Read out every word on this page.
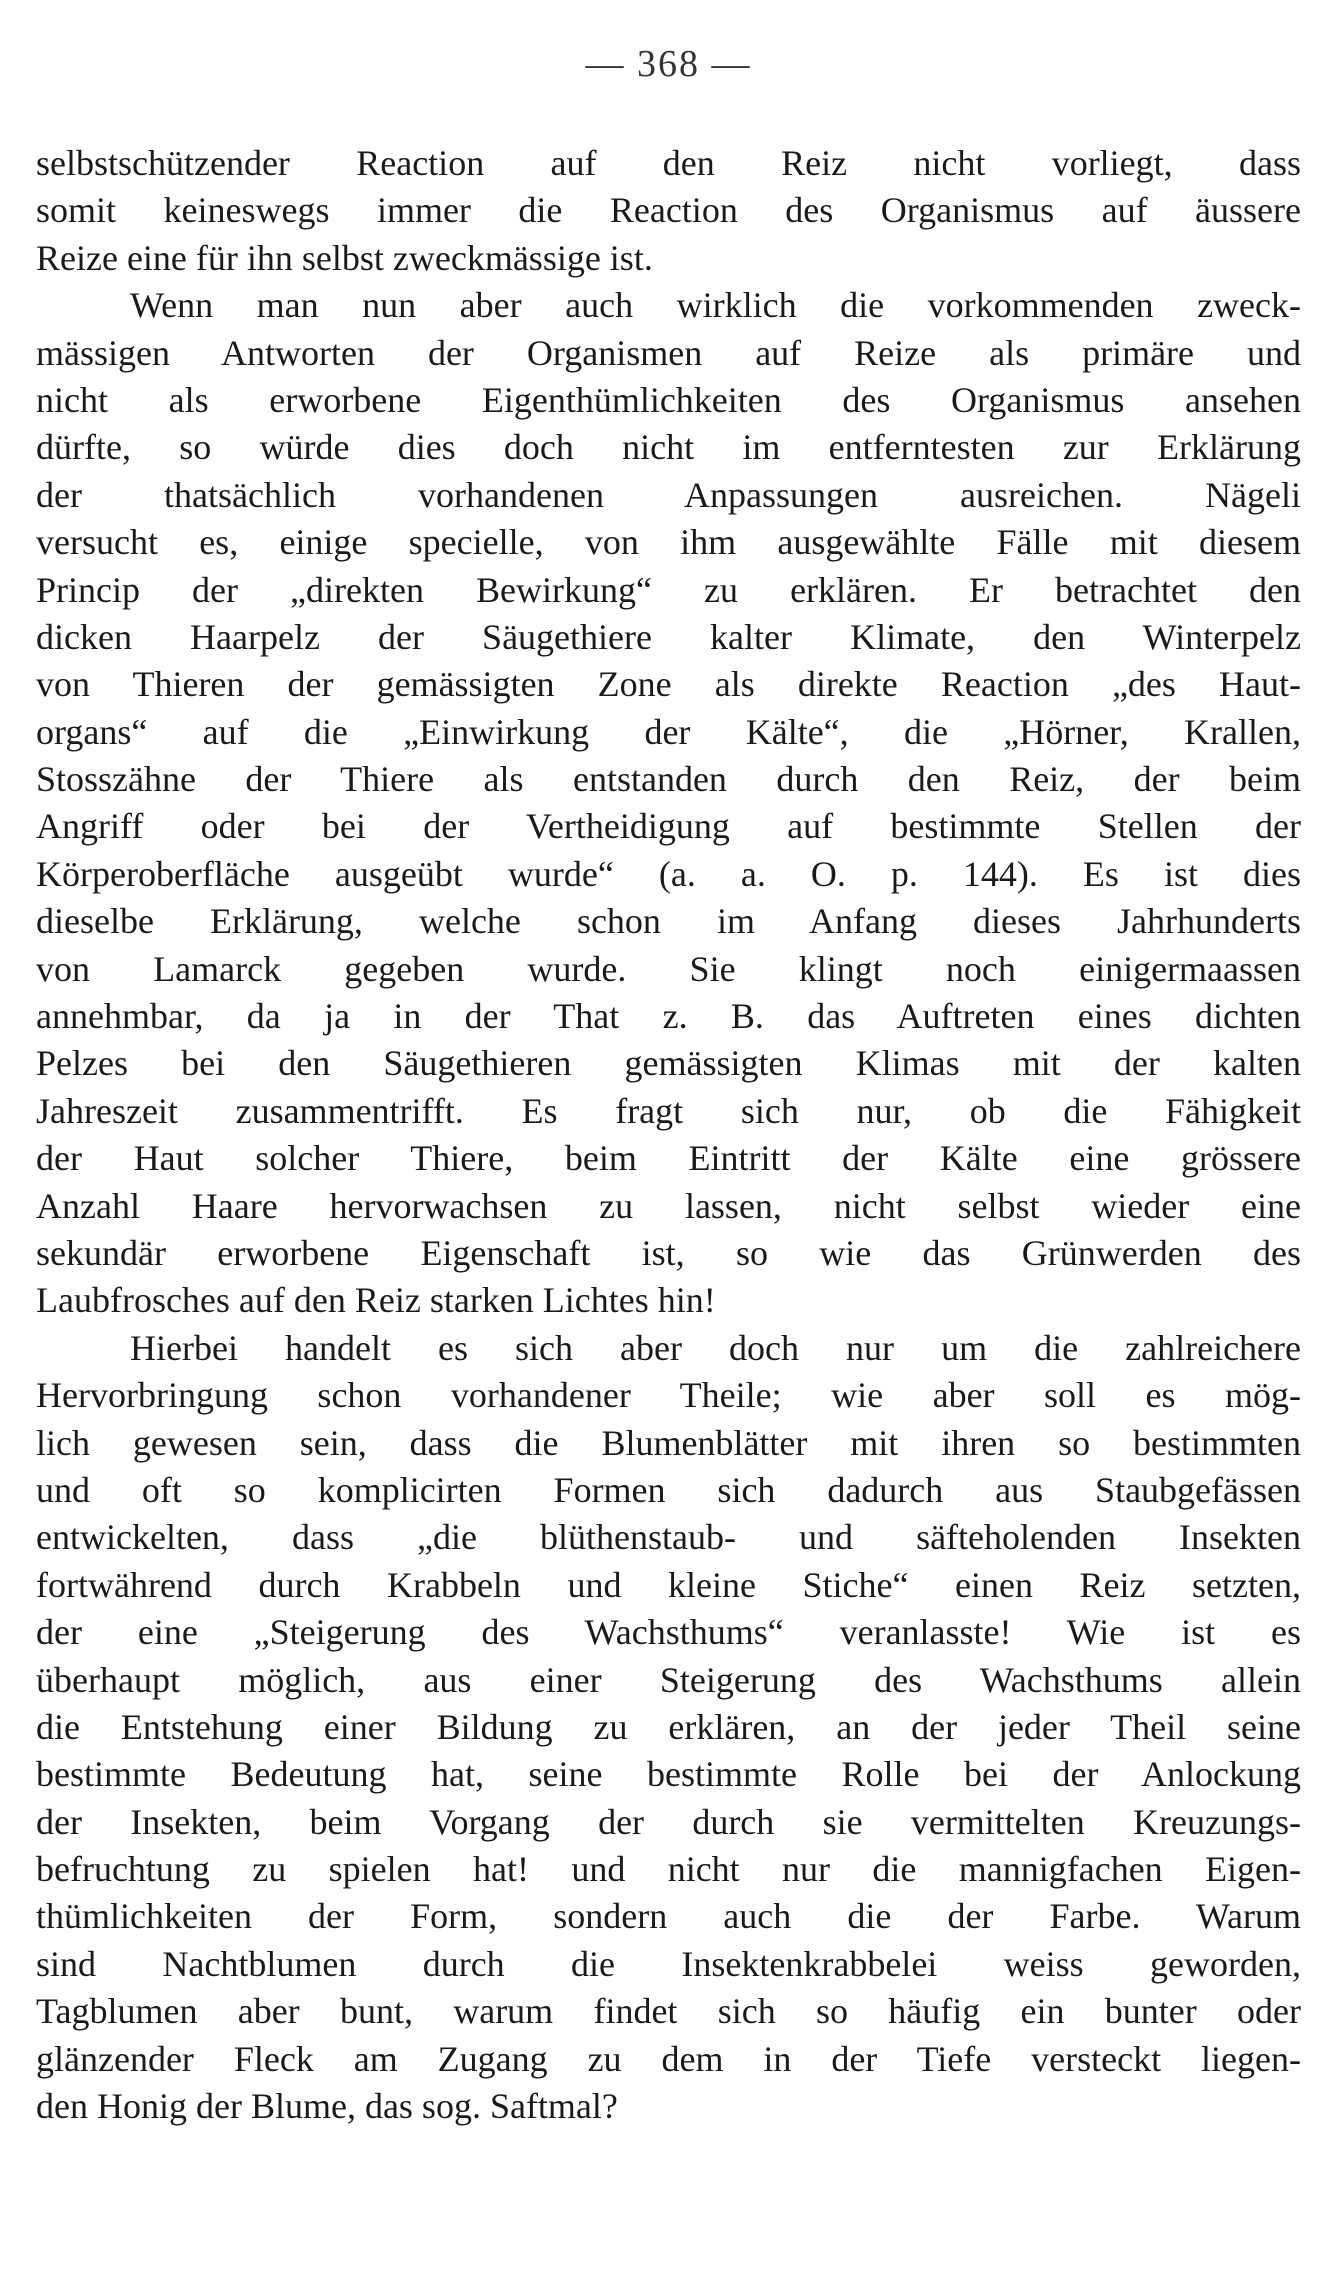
— 368 —
selbstschützender Reaction auf den Reiz nicht vorliegt, dass
somit keineswegs immer die Reaction des Organismus auf äussere
Reize eine für ihn selbst zweckmässige ist.
Wenn man nun aber auch wirklich die vorkommenden zweck-
mässigen Antworten der Organismen auf Reize als primäre und
nicht als erworbene Eigenthümlichkeiten des Organismus ansehen
dürfte, so würde dies doch nicht im entferntesten zur Erklärung
der thatsächlich vorhandenen Anpassungen ausreichen. Nägeli
versucht es, einige specielle, von ihm ausgewählte Fälle mit diesem
Princip der „direkten Bewirkung“ zu erklären. Er betrachtet den
dicken Haarpelz der Säugethiere kalter Klimate, den Winterpelz
von Thieren der gemässigten Zone als direkte Reaction „des Haut-
organs“ auf die „Einwirkung der Kälte“, die „Hörner, Krallen,
Stosszähne der Thiere als entstanden durch den Reiz, der beim
Angriff oder bei der Vertheidigung auf bestimmte Stellen der
Körperoberfläche ausgeübt wurde“ (a. a. O. p. 144). Es ist dies
dieselbe Erklärung, welche schon im Anfang dieses Jahrhunderts
von Lamarck gegeben wurde. Sie klingt noch einigermaassen
annehmbar, da ja in der That z. B. das Auftreten eines dichten
Pelzes bei den Säugethieren gemässigten Klimas mit der kalten
Jahreszeit zusammentrifft. Es fragt sich nur, ob die Fähigkeit
der Haut solcher Thiere, beim Eintritt der Kälte eine grössere
Anzahl Haare hervorwachsen zu lassen, nicht selbst wieder eine
sekundär erworbene Eigenschaft ist, so wie das Grünwerden des
Laubfrosches auf den Reiz starken Lichtes hin!
Hierbei handelt es sich aber doch nur um die zahlreichere
Hervorbringung schon vorhandener Theile; wie aber soll es mög-
lich gewesen sein, dass die Blumenblätter mit ihren so bestimmten
und oft so komplicirten Formen sich dadurch aus Staubgefässen
entwickelten, dass „die blüthenstaub- und säfteholenden Insekten
fortwährend durch Krabbeln und kleine Stiche“ einen Reiz setzten,
der eine „Steigerung des Wachsthums“ veranlasste! Wie ist es
überhaupt möglich, aus einer Steigerung des Wachsthums allein
die Entstehung einer Bildung zu erklären, an der jeder Theil seine
bestimmte Bedeutung hat, seine bestimmte Rolle bei der Anlockung
der Insekten, beim Vorgang der durch sie vermittelten Kreuzungs-
befruchtung zu spielen hat! und nicht nur die mannigfachen Eigen-
thümlichkeiten der Form, sondern auch die der Farbe. Warum
sind Nachtblumen durch die Insektenkrabbelei weiss geworden,
Tagblumen aber bunt, warum findet sich so häufig ein bunter oder
glänzender Fleck am Zugang zu dem in der Tiefe versteckt liegen-
den Honig der Blume, das sog. Saftmal?
